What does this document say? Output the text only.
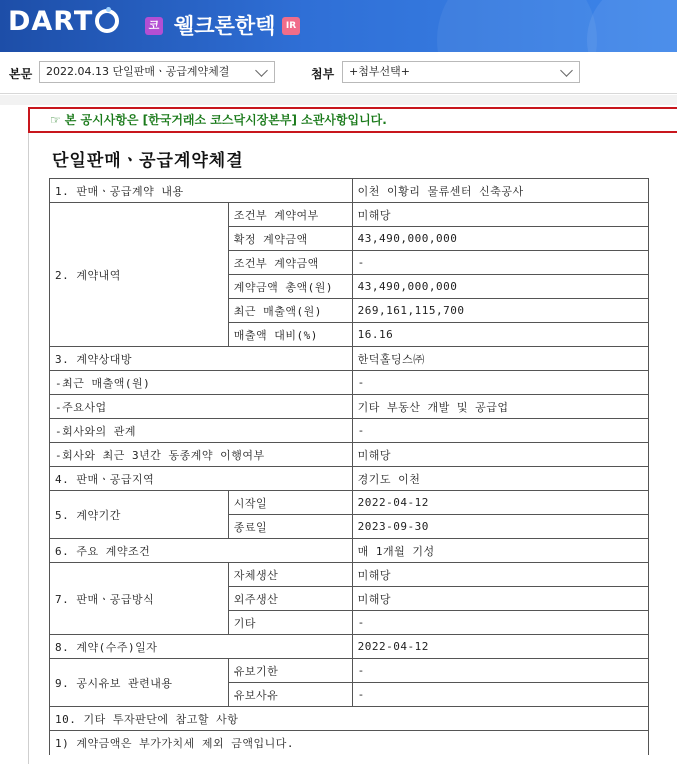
DART	코 웰크론한텍	IR
본문	2022.04.13 단일판매ㆍ공급계약체결	첨부	+첨부선택+
☞ 본 공시사항은 [한국거래소 코스닥시장본부] 소관사항입니다.
단일판매ㆍ공급계약체결
1. 판매ㆍ공급계약 내용		이천 이황리 물류센터 신축공사
2. 계약내역	조건부 계약여부	미해당
	확정 계약금액	43,490,000,000
	조건부 계약금액	-
	계약금액 총액(원)	43,490,000,000
	최근 매출액(원)	269,161,115,700
	매출액 대비(%)	16.16
3. 계약상대방		한덕홀딩스㈜
-최근 매출액(원)		-
-주요사업		기타 부동산 개발 및 공급업
-회사와의 관계		-
-회사와 최근 3년간 동종계약 이행여부		미해당
4. 판매ㆍ공급지역		경기도 이천
5. 계약기간	시작일	2022-04-12
	종료일	2023-09-30
6. 주요 계약조건		매 1개월 기성
7. 판매ㆍ공급방식	자체생산	미해당
	외주생산	미해당
	기타	-
8. 계약(수주)일자		2022-04-12
9. 공시유보 관련내용	유보기한	-
	유보사유	-
10. 기타 투자판단에 참고할 사항		
1) 계약금액은 부가가치세 제외 금액입니다.		
